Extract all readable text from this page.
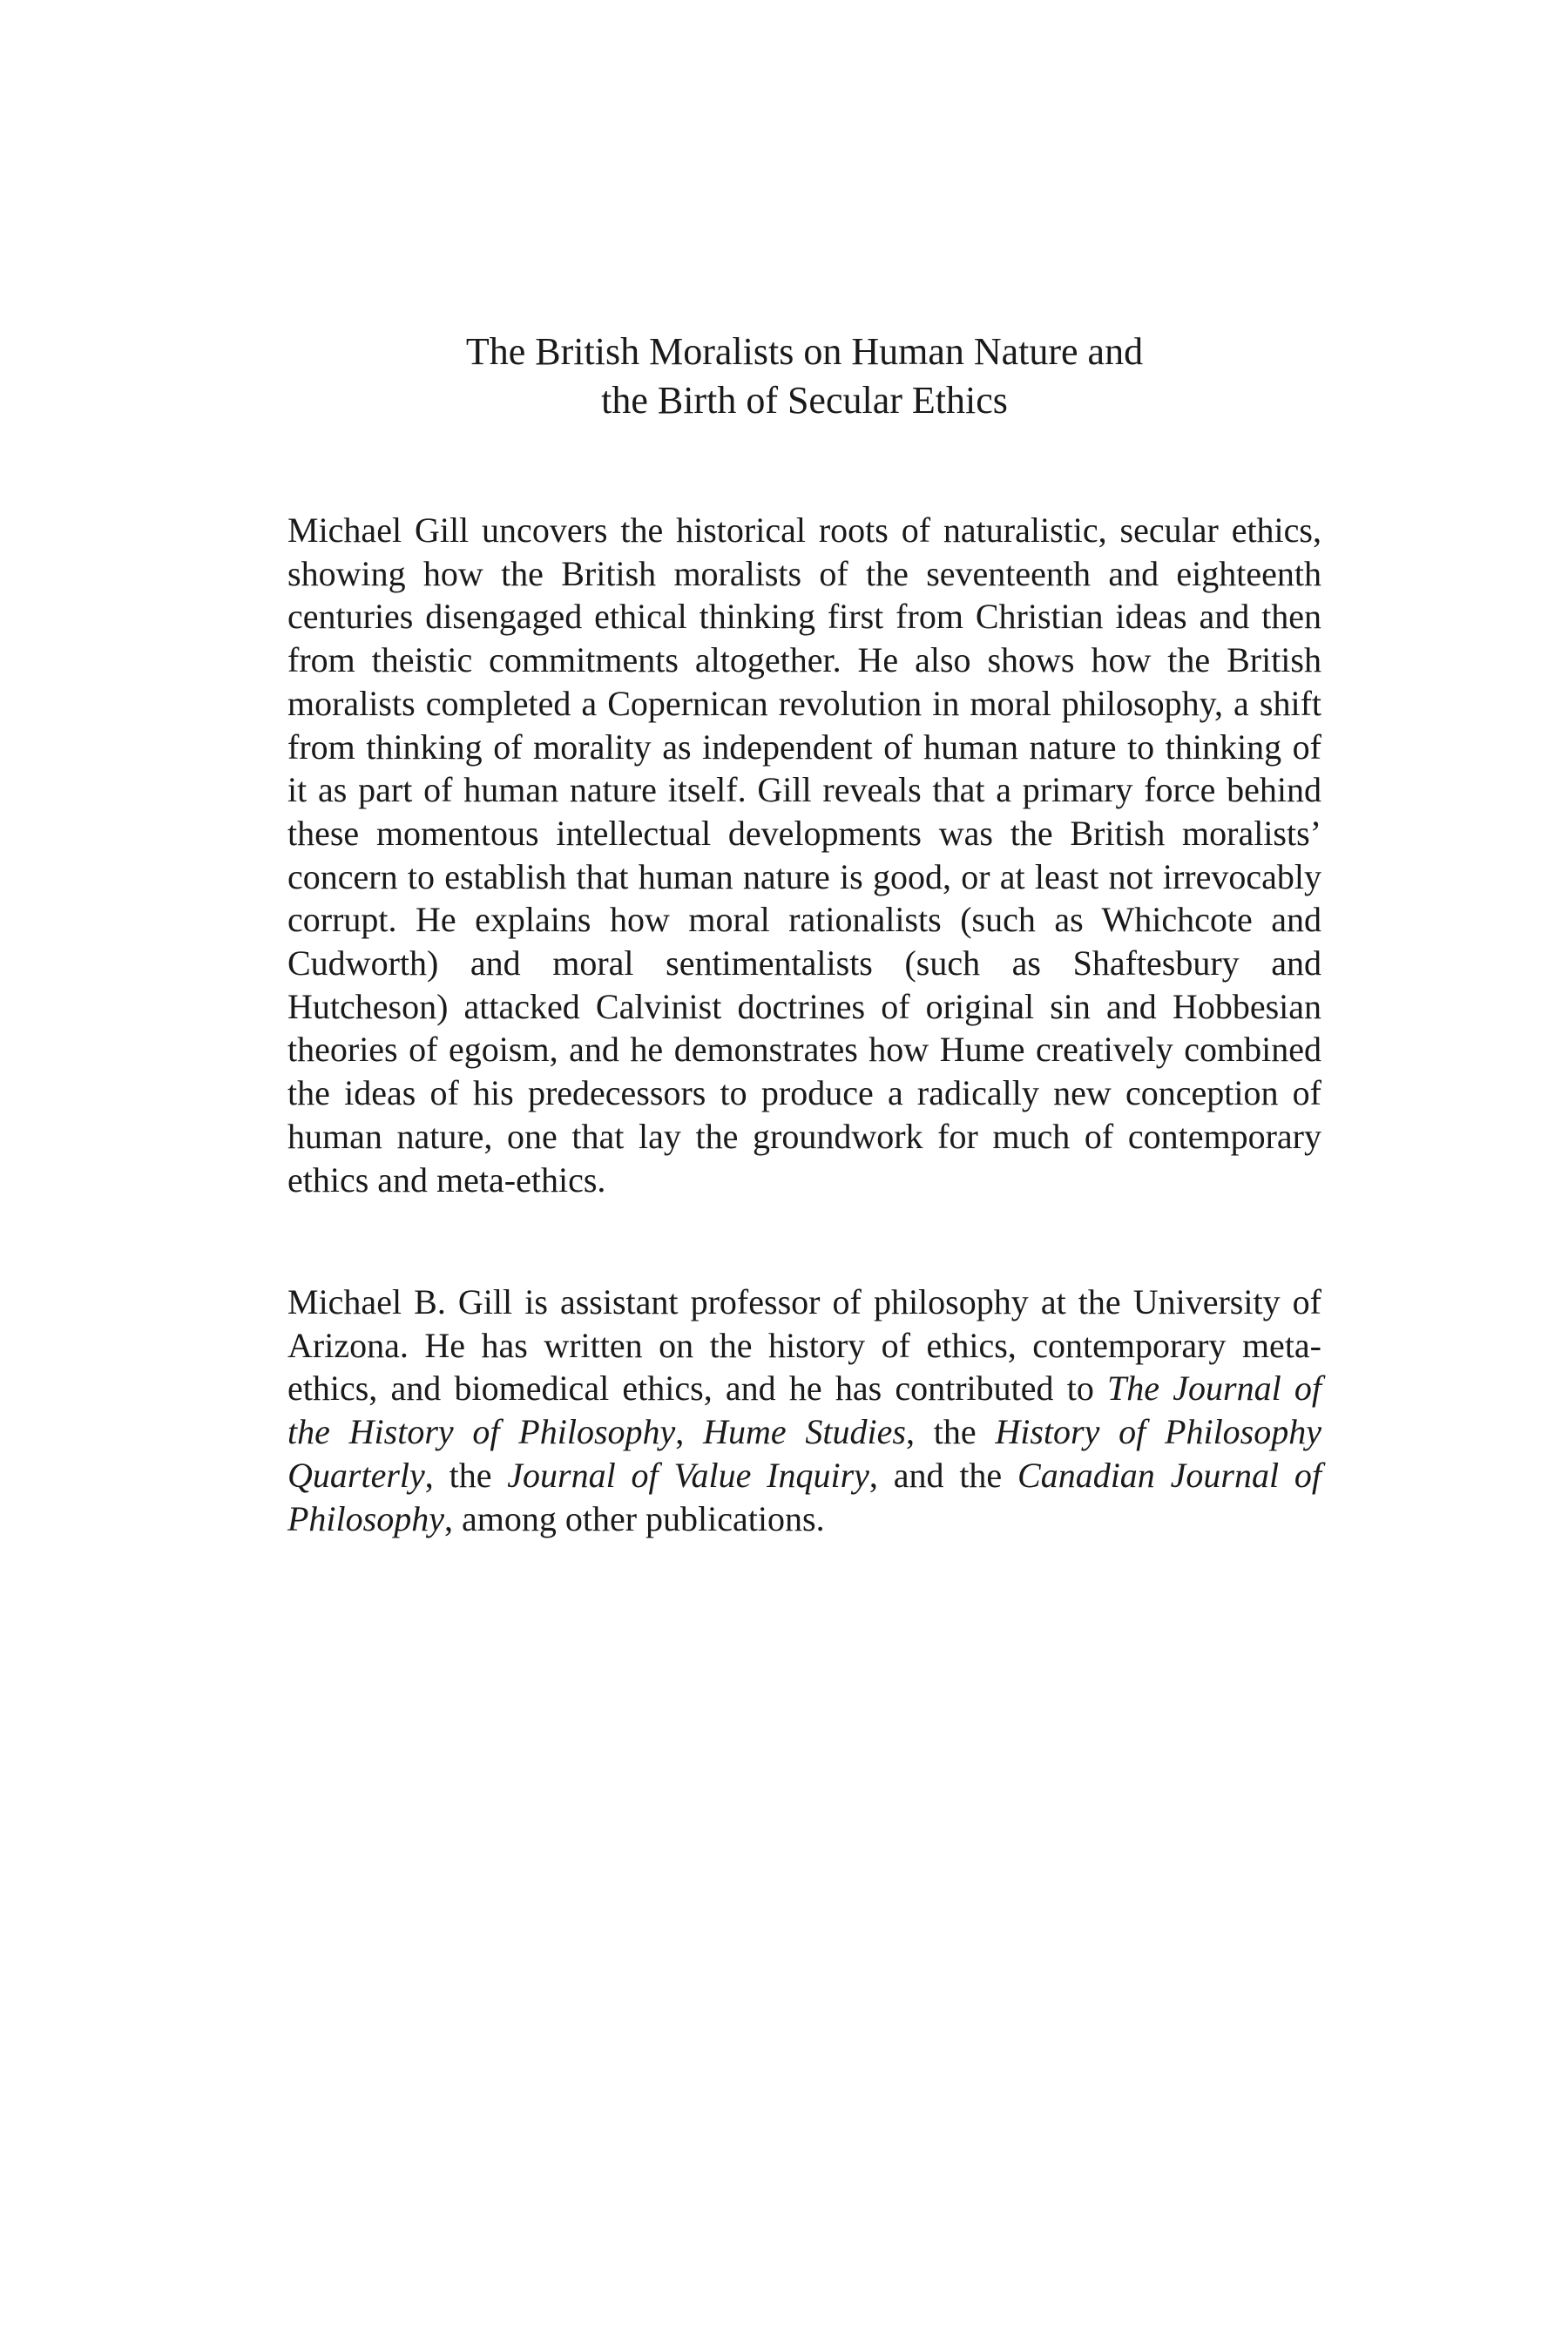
The British Moralists on Human Nature and
the Birth of Secular Ethics

Michael Gill uncovers the historical roots of naturalistic, secular ethics, showing how the British moralists of the seventeenth and eighteenth centuries disengaged ethical thinking first from Christian ideas and then from theistic commitments altogether. He also shows how the British moralists completed a Copernican revolution in moral philosophy, a shift from thinking of morality as independent of human nature to thinking of it as part of human nature itself. Gill reveals that a primary force behind these momentous intellectual developments was the British moralists’ concern to establish that human nature is good, or at least not irrevocably corrupt. He explains how moral rationalists (such as Whichcote and Cudworth) and moral sentimentalists (such as Shaftesbury and Hutcheson) attacked Calvinist doctrines of original sin and Hobbesian theories of egoism, and he demonstrates how Hume creatively combined the ideas of his predecessors to produce a radically new conception of human nature, one that lay the groundwork for much of contemporary ethics and meta-ethics.

Michael B. Gill is assistant professor of philosophy at the University of Arizona. He has written on the history of ethics, contemporary meta-ethics, and biomedical ethics, and he has contributed to The Journal of the History of Philosophy, Hume Studies, the History of Philosophy Quarterly, the Journal of Value Inquiry, and the Canadian Journal of Philosophy, among other publications.
